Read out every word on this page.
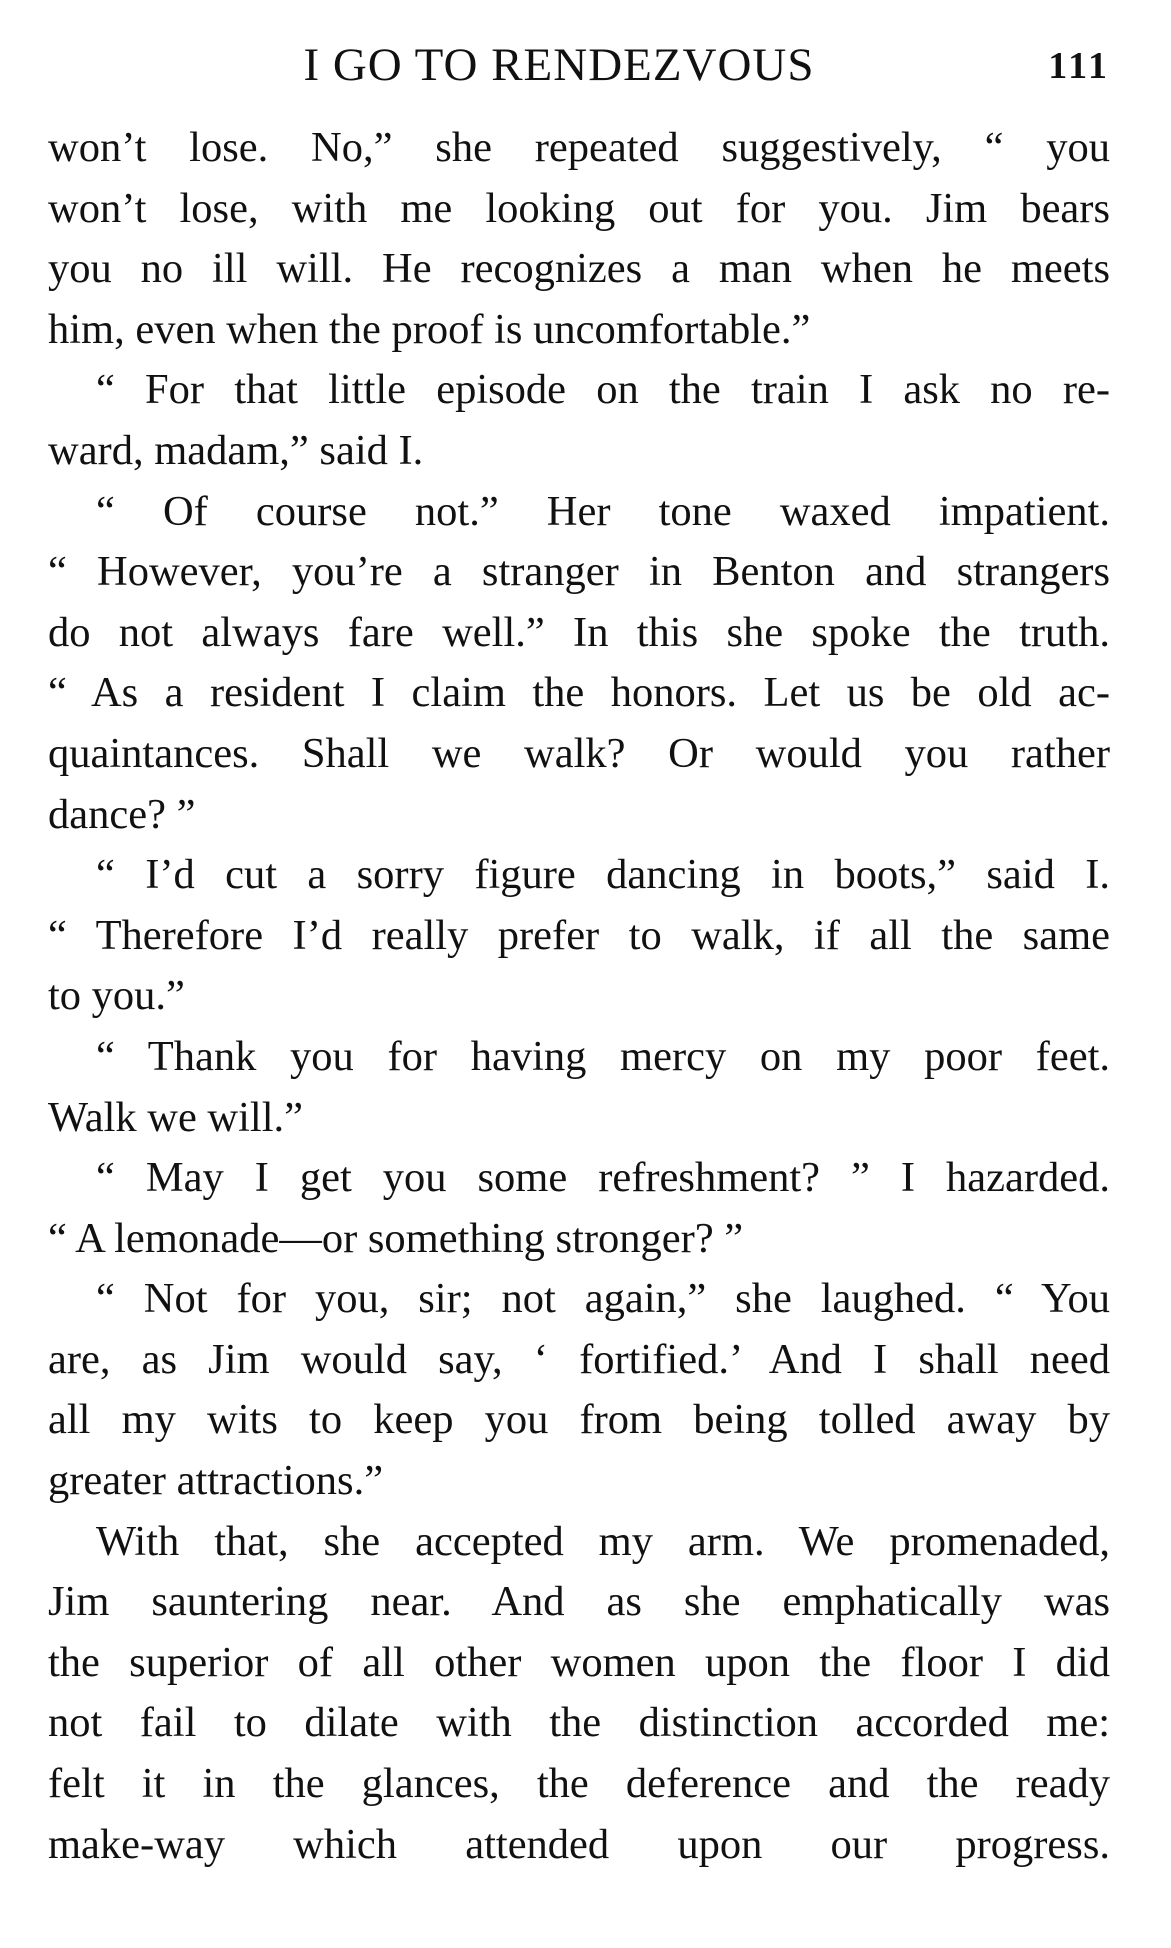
I GO TO RENDEZVOUS	111
won’t lose. No,” she repeated suggestively, “ you
won’t lose, with me looking out for you. Jim bears
you no ill will. He recognizes a man when he meets
him, even when the proof is uncomfortable.”
“ For that little episode on the train I ask no re-
ward, madam,” said I.
“ Of course not.” Her tone waxed impatient.
“ However, you’re a stranger in Benton and strangers
do not always fare well.” In this she spoke the truth.
“ As a resident I claim the honors. Let us be old ac-
quaintances. Shall we walk? Or would you rather
dance? ”
“ I’d cut a sorry figure dancing in boots,” said I.
“ Therefore I’d really prefer to walk, if all the same
to you.”
“ Thank you for having mercy on my poor feet.
Walk we will.”
“ May I get you some refreshment? ” I hazarded.
“ A lemonade—or something stronger? ”
“ Not for you, sir; not again,” she laughed. “ You
are, as Jim would say, ‘ fortified.’ And I shall need
all my wits to keep you from being tolled away by
greater attractions.”
With that, she accepted my arm. We promenaded,
Jim sauntering near. And as she emphatically was
the superior of all other women upon the floor I did
not fail to dilate with the distinction accorded me:
felt it in the glances, the deference and the ready
make-way which attended upon our progress.
